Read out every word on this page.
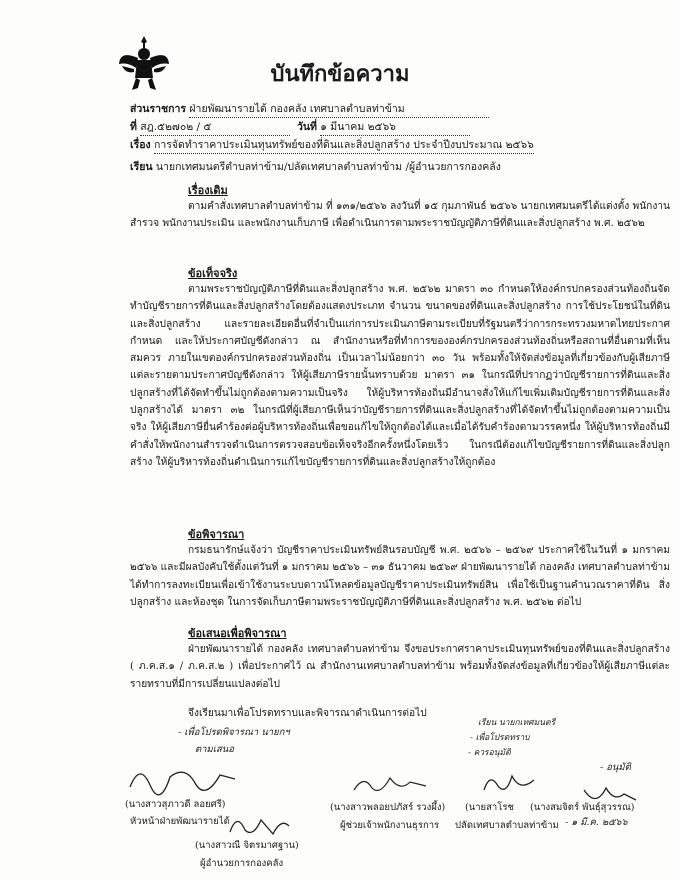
บันทึกข้อความ
ส่วนราชการ ฝ่ายพัฒนารายได้ กองคลัง เทศบาลตำบลท่าข้าม
ที่ สฎ.๕๒๗๐๒ / ๕	วันที่ ๑ มีนาคม ๒๕๖๖
เรื่อง การจัดทำราคาประเมินทุนทรัพย์ของที่ดินและสิ่งปลูกสร้าง ประจำปีงบประมาณ ๒๕๖๖
เรียน นายกเทศมนตรีตำบลท่าข้าม/ปลัดเทศบาลตำบลท่าข้าม /ผู้อำนวยการกองคลัง
เรื่องเดิม
ตามคำสั่งเทศบาลตำบลท่าข้าม ที่ ๑๓๑/๒๕๖๖ ลงวันที่ ๑๕ กุมภาพันธ์ ๒๕๖๖ นายกเทศมนตรีได้แต่งตั้ง พนักงานสำรวจ พนักงานประเมิน และพนักงานเก็บภาษี เพื่อดำเนินการตามพระราชบัญญัติภาษีที่ดินและสิ่งปลูกสร้าง พ.ศ. ๒๕๖๒
ข้อเท็จจริง
ตามพระราชบัญญัติภาษีที่ดินและสิ่งปลูกสร้าง พ.ศ. ๒๕๖๒ มาตรา ๓๐ กำหนดให้องค์กรปกครองส่วนท้องถิ่นจัดทำบัญชีรายการที่ดินและสิ่งปลูกสร้างโดยต้องแสดงประเภท จำนวน ขนาดของที่ดินและสิ่งปลูกสร้าง การใช้ประโยชน์ในที่ดินและสิ่งปลูกสร้าง และรายละเอียดอื่นที่จำเป็นแก่การประเมินภาษีตามระเบียบที่รัฐมนตรีว่าการกระทรวงมหาดไทยประกาศกำหนด และให้ประกาศบัญชีดังกล่าว ณ สำนักงานหรือที่ทำการขององค์กรปกครองส่วนท้องถิ่นหรือสถานที่อื่นตามที่เห็นสมควร ภายในเขตองค์กรปกครองส่วนท้องถิ่น เป็นเวลาไม่น้อยกว่า ๓๐ วัน พร้อมทั้งให้จัดส่งข้อมูลที่เกี่ยวข้องกับผู้เสียภาษีแต่ละรายตามประกาศบัญชีดังกล่าว ให้ผู้เสียภาษีรายนั้นทราบด้วย มาตรา ๓๑ ในกรณีที่ปรากฏว่าบัญชีรายการที่ดินและสิ่งปลูกสร้างที่ได้จัดทำขึ้นไม่ถูกต้องตามความเป็นจริง ให้ผู้บริหารท้องถิ่นมีอำนาจสั่งให้แก้ไขเพิ่มเติมบัญชีรายการที่ดินและสิ่งปลูกสร้างได้ มาตรา ๓๒ ในกรณีที่ผู้เสียภาษีเห็นว่าบัญชีรายการที่ดินและสิ่งปลูกสร้างที่ได้จัดทำขึ้นไม่ถูกต้องตามความเป็นจริง ให้ผู้เสียภาษียื่นคำร้องต่อผู้บริหารท้องถิ่นเพื่อขอแก้ไขให้ถูกต้องได้และเมื่อได้รับคำร้องตามวรรคหนึ่ง ให้ผู้บริหารท้องถิ่นมีคำสั่งให้พนักงานสำรวจดำเนินการตรวจสอบข้อเท็จจริงอีกครั้งหนึ่งโดยเร็ว ในกรณีต้องแก้ไขบัญชีรายการที่ดินและสิ่งปลูกสร้าง ให้ผู้บริหารท้องถิ่นดำเนินการแก้ไขบัญชีรายการที่ดินและสิ่งปลูกสร้างให้ถูกต้อง
ข้อพิจารณา
กรมธนารักษ์แจ้งว่า บัญชีราคาประเมินทรัพย์สินรอบบัญชี พ.ศ. ๒๕๖๖ – ๒๕๖๙ ประกาศใช้ในวันที่ ๑ มกราคม ๒๕๖๖ และมีผลบังคับใช้ตั้งแต่วันที่ ๑ มกราคม ๒๕๖๖ – ๓๑ ธันวาคม ๒๕๖๙ ฝ่ายพัฒนารายได้ กองคลัง เทศบาลตำบลท่าข้าม ได้ทำการลงทะเบียนเพื่อเข้าใช้งานระบบดาวน์โหลดข้อมูลบัญชีราคาประเมินทรัพย์สิน เพื่อใช้เป็นฐานคำนวณราคาที่ดิน สิ่งปลูกสร้าง และห้องชุด ในการจัดเก็บภาษีตามพระราชบัญญัติภาษีที่ดินและสิ่งปลูกสร้าง พ.ศ. ๒๕๖๒ ต่อไป
ข้อเสนอเพื่อพิจารณา
ฝ่ายพัฒนารายได้ กองคลัง เทศบาลตำบลท่าข้าม จึงขอประกาศราคาประเมินทุนทรัพย์ของที่ดินและสิ่งปลูกสร้าง ( ภ.ค.ส.๑ / ภ.ค.ส.๒ ) เพื่อประกาศไว้ ณ สำนักงานเทศบาลตำบลท่าข้าม พร้อมทั้งจัดส่งข้อมูลที่เกี่ยวข้องให้ผู้เสียภาษีแต่ละรายทราบที่มีการเปลี่ยนแปลงต่อไป
จึงเรียนมาเพื่อโปรดทราบและพิจารณาดำเนินการต่อไป
- เพื่อโปรดพิจารณา นายกฯ
ตามเสนอ
เรียน นายกเทศมนตรี
- เพื่อโปรดทราบ
- ควรอนุมัติ
- อนุมัติ
- ๑ มี.ค. ๒๕๖๖
(นางสาวสุภาวดี ลอยศรี)
หัวหน้าฝ่ายพัฒนารายได้
(นางสาวณี จิตรมาศฐาน)
ผู้อำนวยการกองคลัง
(นางสาวพลอยปภัสร์ รวงผึ้ง)
ผู้ช่วยเจ้าพนักงานธุรการ
(นายสาโรช (นางสมจิตร์ พันธุ์สุวรรณ)
ปลัดเทศบาลตำบลท่าข้าม
